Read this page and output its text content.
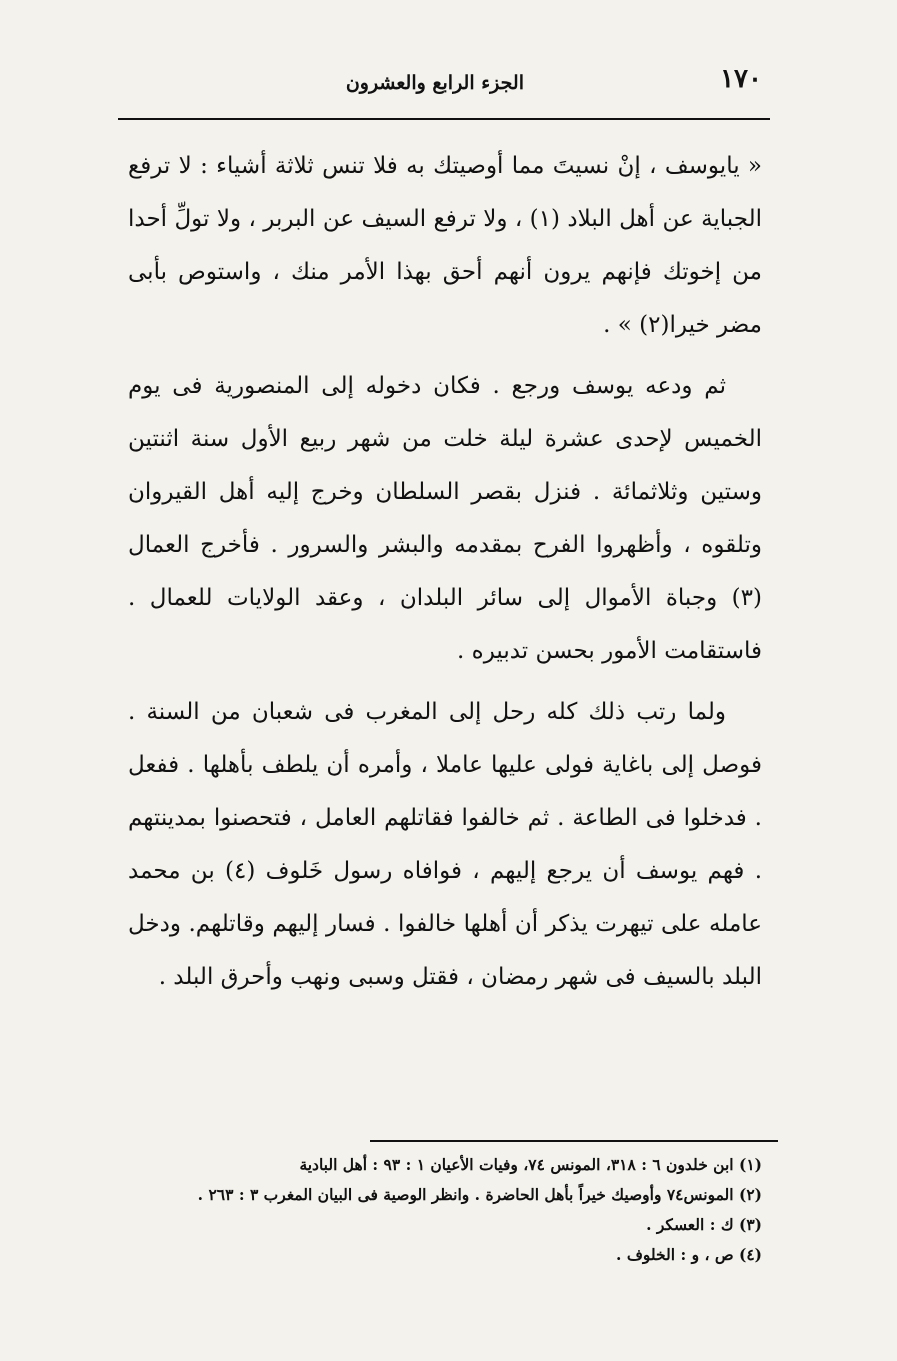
١٧٠
الجزء الرابع والعشرون

« يايوسف ، إنْ نسيتَ مما أوصيتك به فلا تنس ثلاثة أشياء : لا ترفع الجباية عن أهل البلاد (١) ، ولا ترفع السيف عن البربر ، ولا تولِّ أحدا من إخوتك فإنهم يرون أنهم أحق بهذا الأمر منك ، واستوص بأبى مضر خيرا(٢) » .

ثم ودعه يوسف ورجع . فكان دخوله إلى المنصورية فى يوم الخميس لإحدى عشرة ليلة خلت من شهر ربيع الأول سنة اثنتين وستين وثلاثمائة . فنزل بقصر السلطان وخرج إليه أهل القيروان وتلقوه ، وأظهروا الفرح بمقدمه والبشر والسرور . فأخرج العمال (٣) وجباة الأموال إلى سائر البلدان ، وعقد الولايات للعمال . فاستقامت الأمور بحسن تدبيره .

ولما رتب ذلك كله رحل إلى المغرب فى شعبان من السنة . فوصل إلى باغاية فولى عليها عاملا ، وأمره أن يلطف بأهلها . ففعل . فدخلوا فى الطاعة . ثم خالفوا فقاتلهم العامل ، فتحصنوا بمدينتهم . فهم يوسف أن يرجع إليهم ، فوافاه رسول خَلوف (٤) بن محمد عامله على تيهرت يذكر أن أهلها خالفوا . فسار إليهم وقاتلهم. ودخل البلد بالسيف فى شهر رمضان ، فقتل وسبى ونهب وأحرق البلد .

(١) ابن خلدون ٦ : ٣١٨، المونس ٧٤، وفيات الأعيان ١ : ٩٣ : أهل البادية

(٢) المونس٧٤ وأوصيك خيراً بأهل الحاضرة . وانظر الوصية فى البيان المغرب ٣ : ٢٦٣ .

(٣) ك : العسكر .

(٤) ص ، و : الخلوف .
